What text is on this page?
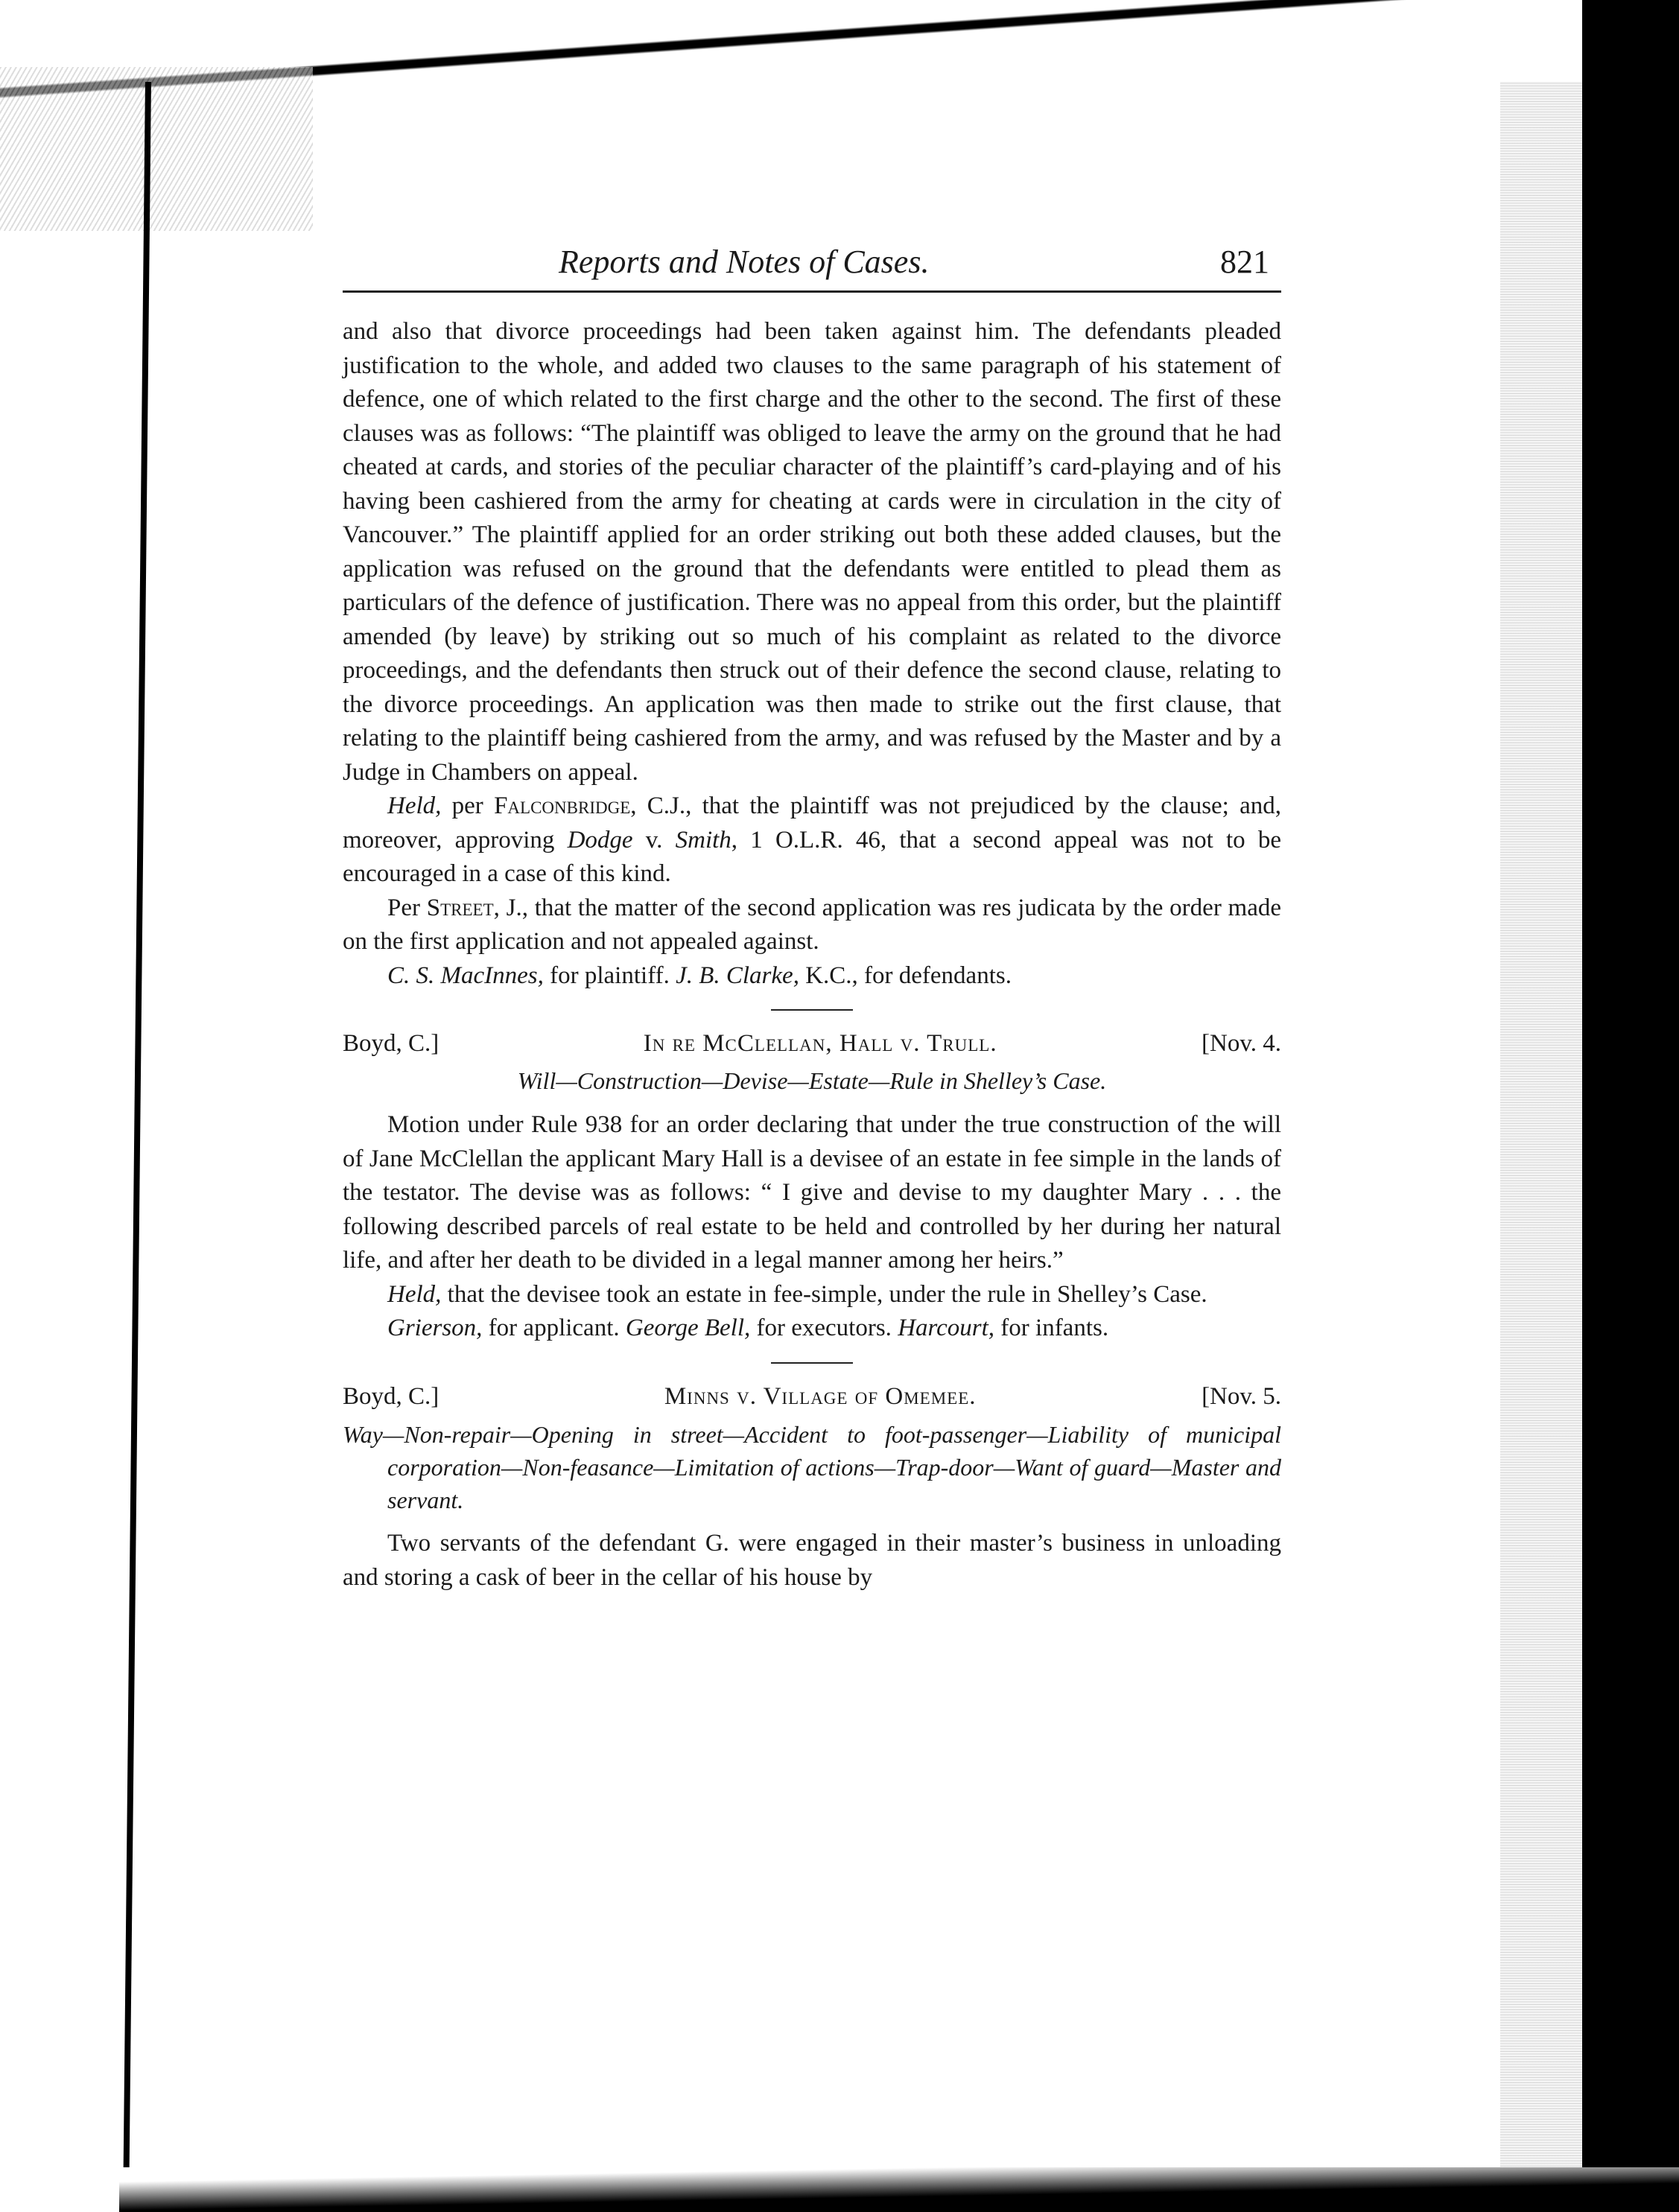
Reports and Notes of Cases.	821

and also that divorce proceedings had been taken against him. The defendants pleaded justification to the whole, and added two clauses to the same paragraph of his statement of defence, one of which related to the first charge and the other to the second. The first of these clauses was as follows: “The plaintiff was obliged to leave the army on the ground that he had cheated at cards, and stories of the peculiar character of the plaintiff’s card-playing and of his having been cashiered from the army for cheating at cards were in circulation in the city of Vancouver.” The plaintiff applied for an order striking out both these added clauses, but the application was refused on the ground that the defendants were entitled to plead them as particulars of the defence of justification. There was no appeal from this order, but the plaintiff amended (by leave) by striking out so much of his complaint as related to the divorce proceedings, and the defendants then struck out of their defence the second clause, relating to the divorce proceedings. An application was then made to strike out the first clause, that relating to the plaintiff being cashiered from the army, and was refused by the Master and by a Judge in Chambers on appeal.

Held, per Falconbridge, C.J., that the plaintiff was not prejudiced by the clause; and, moreover, approving Dodge v. Smith, 1 O.L.R. 46, that a second appeal was not to be encouraged in a case of this kind.

Per Street, J., that the matter of the second application was res judicata by the order made on the first application and not appealed against.

C. S. MacInnes, for plaintiff. J. B. Clarke, K.C., for defendants.

Boyd, C.]	In re McClellan, Hall v. Trull.	[Nov. 4.
Will—Construction—Devise—Estate—Rule in Shelley’s Case.

Motion under Rule 938 for an order declaring that under the true construction of the will of Jane McClellan the applicant Mary Hall is a devisee of an estate in fee simple in the lands of the testator. The devise was as follows: “ I give and devise to my daughter Mary . . . the following described parcels of real estate to be held and controlled by her during her natural life, and after her death to be divided in a legal manner among her heirs.”

Held, that the devisee took an estate in fee-simple, under the rule in Shelley’s Case.

Grierson, for applicant. George Bell, for executors. Harcourt, for infants.

Boyd, C.]	Minns v. Village of Omemee.	[Nov. 5.
Way—Non-repair—Opening in street—Accident to foot-passenger—Liability of municipal corporation—Non-feasance—Limitation of actions—Trap-door—Want of guard—Master and servant.

Two servants of the defendant G. were engaged in their master’s business in unloading and storing a cask of beer in the cellar of his house by
